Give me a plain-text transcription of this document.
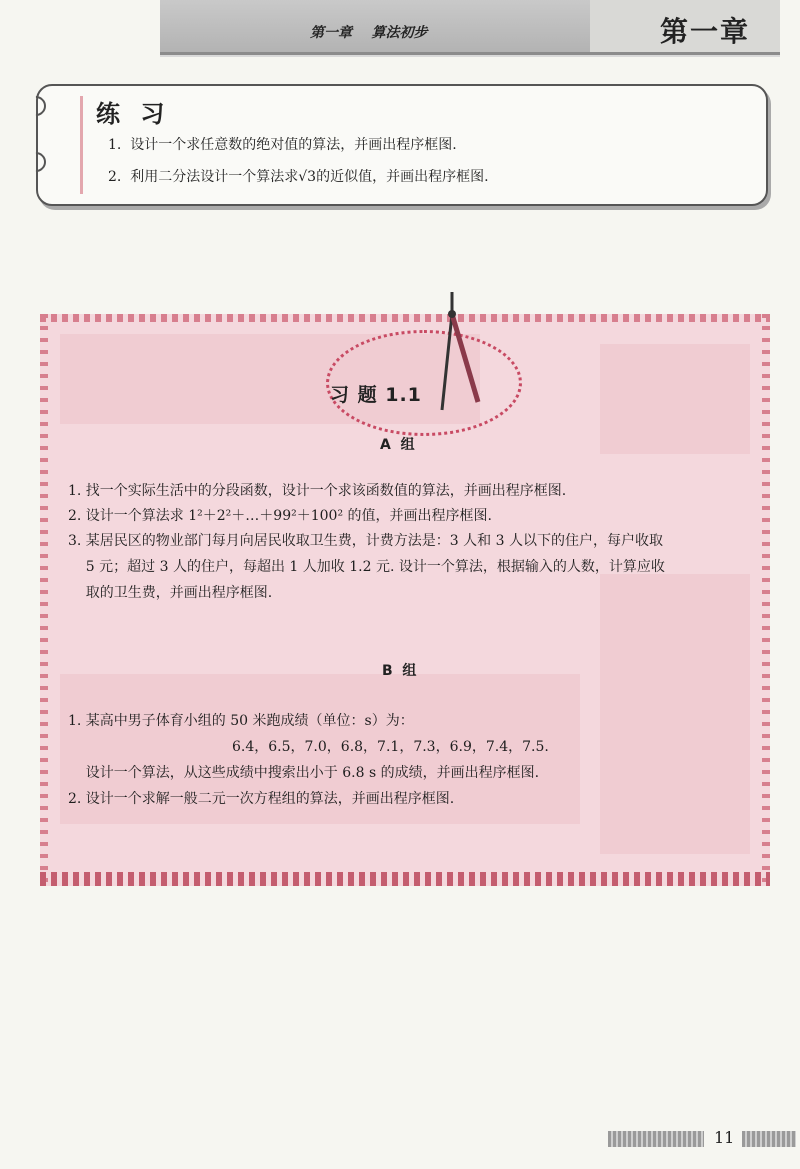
第一章    算法初步	第一章
练 习
1.  设计一个求任意数的绝对值的算法，并画出程序框图.
2.  利用二分法设计一个算法求√3的近似值，并画出程序框图.
习 题 1.1
A  组
1. 找一个实际生活中的分段函数，设计一个求该函数值的算法，并画出程序框图.
2. 设计一个算法求 1²＋2²＋…＋99²＋100² 的值，并画出程序框图.
3. 某居民区的物业部门每月向居民收取卫生费，计费方法是：3 人和 3 人以下的住户，每户收取
5 元；超过 3 人的住户，每超出 1 人加收 1.2 元. 设计一个算法，根据输入的人数，计算应收
取的卫生费，并画出程序框图.
B  组
1. 某高中男子体育小组的 50 米跑成绩（单位：s）为：
6.4，6.5，7.0，6.8，7.1，7.3，6.9，7.4，7.5.
设计一个算法，从这些成绩中搜索出小于 6.8 s 的成绩，并画出程序框图.
2. 设计一个求解一般二元一次方程组的算法，并画出程序框图.
11
